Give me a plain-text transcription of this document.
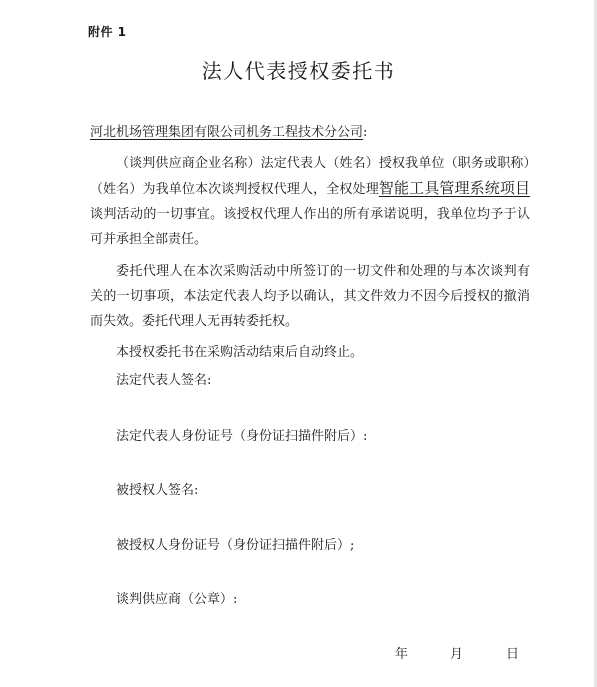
附件 1
法人代表授权委托书
河北机场管理集团有限公司机务工程技术分公司:
（谈判供应商企业名称）法定代表人（姓名）授权我单位（职务或职称）（姓名）为我单位本次谈判授权代理人，全权处理智能工具管理系统项目谈判活动的一切事宜。该授权代理人作出的所有承诺说明，我单位均予于认可并承担全部责任。
委托代理人在本次采购活动中所签订的一切文件和处理的与本次谈判有关的一切事项，本法定代表人均予以确认，其文件效力不因今后授权的撤消而失效。委托代理人无再转委托权。
本授权委托书在采购活动结束后自动终止。
法定代表人签名:
法定代表人身份证号（身份证扫描件附后）:
被授权人签名:
被授权人身份证号（身份证扫描件附后）;
谈判供应商（公章）:
年	月	日
